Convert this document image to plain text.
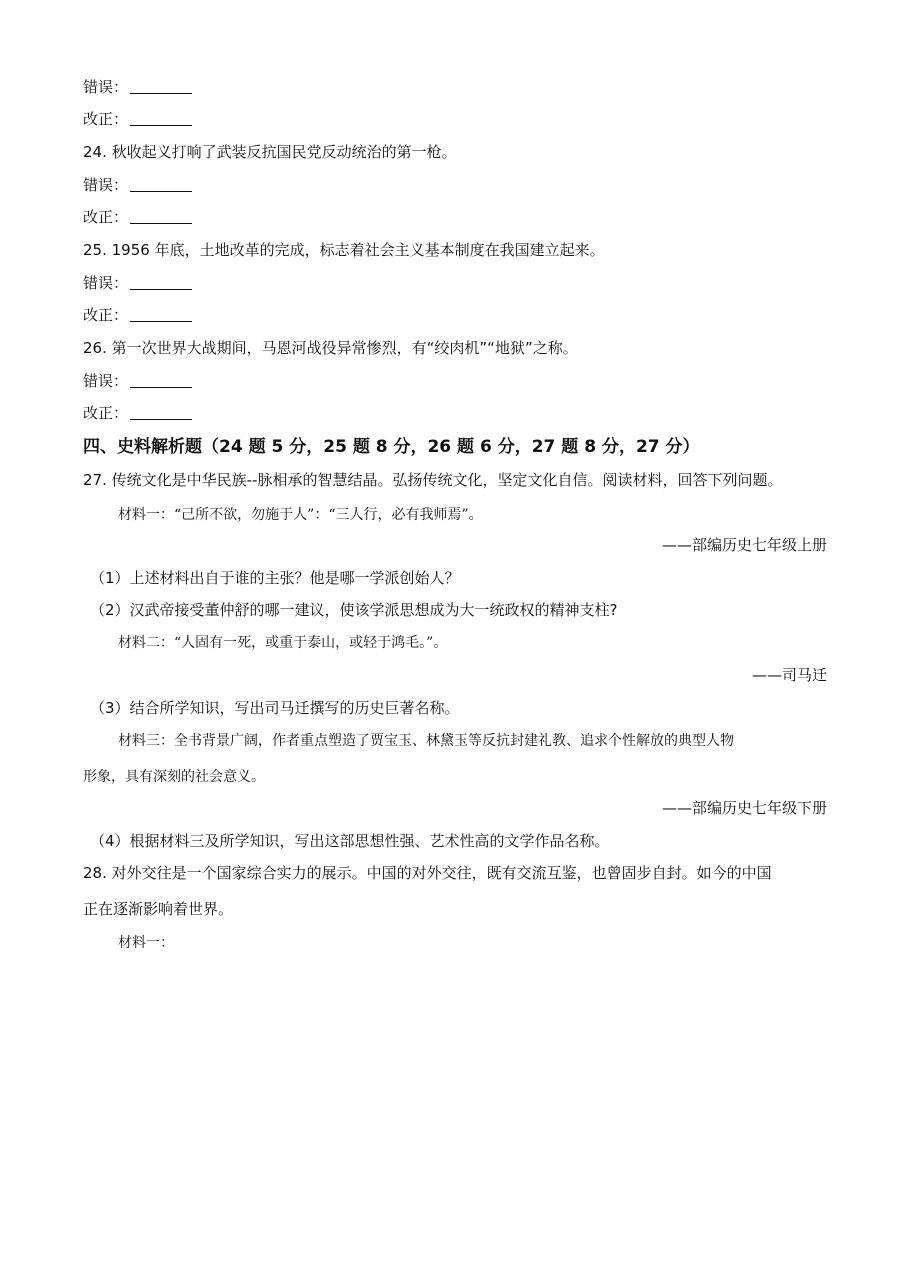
错误：
改正：
24. 秋收起义打响了武装反抗国民党反动统治的第一枪。
错误：
改正：
25. 1956 年底，土地改革的完成，标志着社会主义基本制度在我国建立起来。
错误：
改正：
26. 第一次世界大战期间，马恩河战役异常惨烈，有“绞肉机”“地狱”之称。
错误：
改正：
四、史料解析题（24 题 5 分，25 题 8 分，26 题 6 分，27 题 8 分，27 分）
27. 传统文化是中华民族--脉相承的智慧结晶。弘扬传统文化，坚定文化自信。阅读材料，回答下列问题。
材料一：“己所不欲，勿施于人”：“三人行，必有我师焉”。
——部编历史七年级上册
（1）上述材料出自于谁的主张？他是哪一学派创始人？
（2）汉武帝接受董仲舒的哪一建议，使该学派思想成为大一统政权的精神支柱?
材料二：“人固有一死，或重于泰山，或轻于鸿毛。”。
——司马迁
（3）结合所学知识，写出司马迁撰写的历史巨著名称。
材料三：全书背景广阔，作者重点塑造了贾宝玉、林黛玉等反抗封建礼教、追求个性解放的典型人物
形象，具有深刻的社会意义。
——部编历史七年级下册
（4）根据材料三及所学知识，写出这部思想性强、艺术性高的文学作品名称。
28. 对外交往是一个国家综合实力的展示。中国的对外交往，既有交流互鉴，也曾固步自封。如今的中国
正在逐渐影响着世界。
材料一：
